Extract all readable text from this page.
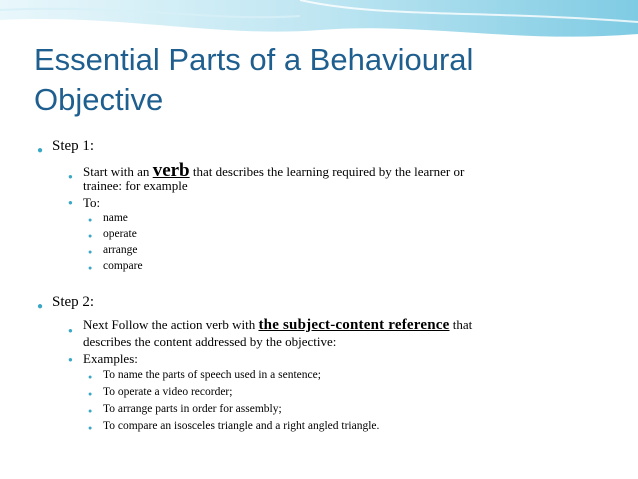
Essential Parts of a Behavioural
Objective
● Step 1:
● Start with an verb that describes the learning required by the learner or
trainee: for example
● To:
● name
● operate
● arrange
● compare
● Step 2:
● Next Follow the action verb with the subject-content reference that
describes the content addressed by the objective:
● Examples:
● To name the parts of speech used in a sentence;
● To operate a video recorder;
● To arrange parts in order for assembly;
● To compare an isosceles triangle and a right angled triangle.
